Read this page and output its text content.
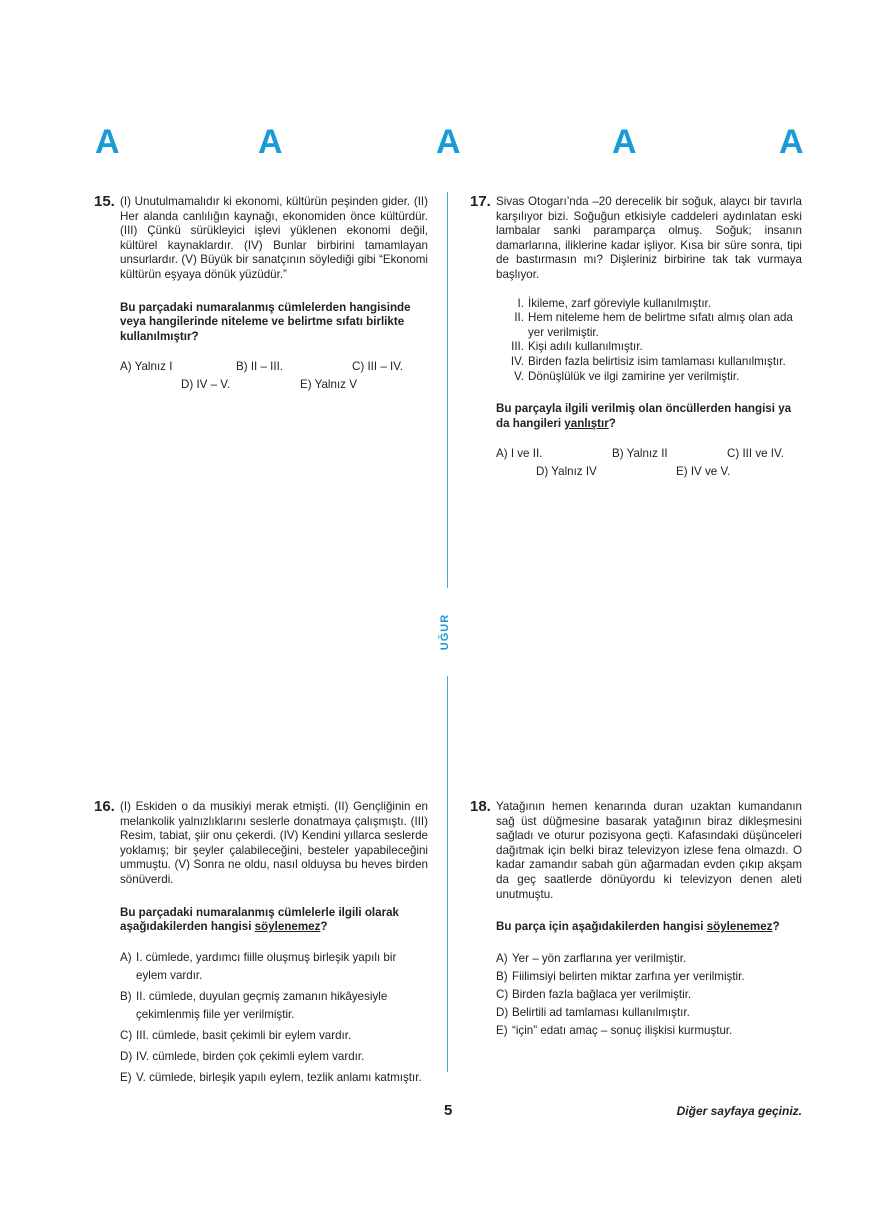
A	A	A	A	A
UĞUR
15. (I) Unutulmamalıdır ki ekonomi, kültürün peşinden gider. (II) Her alanda canlılığın kaynağı, ekonomiden önce kültürdür. (III) Çünkü sürükleyici işlevi yüklenen ekonomi değil, kültürel kaynaklardır. (IV) Bunlar birbirini tamamlayan unsurlardır. (V) Büyük bir sanatçının söylediği gibi “Ekonomi kültürün eşyaya dönük yüzüdür.”
Bu parçadaki numaralanmış cümlelerden hangisinde veya hangilerinde niteleme ve belirtme sıfatı birlikte kullanılmıştır?
A) Yalnız I	B) II – III.	C) III – IV.
D) IV – V.	E) Yalnız V
17. Sivas Otogarı’nda –20 derecelik bir soğuk, alaycı bir tavırla karşılıyor bizi. Soğuğun etkisiyle caddeleri aydınlatan eski lambalar sanki paramparça olmuş. Soğuk; insanın damarlarına, iliklerine kadar işliyor. Kısa bir süre sonra, tipi de bastırmasın mı? Dişleriniz birbirine tak tak vurmaya başlıyor.
I. İkileme, zarf göreviyle kullanılmıştır.
II. Hem niteleme hem de belirtme sıfatı almış olan ada yer verilmiştir.
III. Kişi adılı kullanılmıştır.
IV. Birden fazla belirtisiz isim tamlaması kullanılmıştır.
V. Dönüşlülük ve ilgi zamirine yer verilmiştir.
Bu parçayla ilgili verilmiş olan öncüllerden hangisi ya da hangileri yanlıştır?
A) I ve II.	B) Yalnız II	C) III ve IV.
D) Yalnız IV	E) IV ve V.
16. (I) Eskiden o da musikiyi merak etmişti. (II) Gençliğinin en melankolik yalnızlıklarını seslerle donatmaya çalışmıştı. (III) Resim, tabiat, şiir onu çekerdi. (IV) Kendini yıllarca seslerde yoklamış; bir şeyler çalabileceğini, besteler yapabileceğini ummuştu. (V) Sonra ne oldu, nasıl olduysa bu heves birden sönüverdi.
Bu parçadaki numaralanmış cümlelerle ilgili olarak aşağıdakilerden hangisi söylenemez?
A) I. cümlede, yardımcı fiille oluşmuş birleşik yapılı bir eylem vardır.
B) II. cümlede, duyulan geçmiş zamanın hikâyesiyle çekimlenmiş fiile yer verilmiştir.
C) III. cümlede, basit çekimli bir eylem vardır.
D) IV. cümlede, birden çok çekimli eylem vardır.
E) V. cümlede, birleşik yapılı eylem, tezlik anlamı katmıştır.
18. Yatağının hemen kenarında duran uzaktan kumandanın sağ üst düğmesine basarak yatağının biraz dikleşmesini sağladı ve oturur pozisyona geçti. Kafasındaki düşünceleri dağıtmak için belki biraz televizyon izlese fena olmazdı. O kadar zamandır sabah gün ağarmadan evden çıkıp akşam da geç saatlerde dönüyordu ki televizyon denen aleti unutmuştu.
Bu parça için aşağıdakilerden hangisi söylenemez?
A) Yer – yön zarflarına yer verilmiştir.
B) Fiilimsiyi belirten miktar zarfına yer verilmiştir.
C) Birden fazla bağlaca yer verilmiştir.
D) Belirtili ad tamlaması kullanılmıştır.
E) “için” edatı amaç – sonuç ilişkisi kurmuştur.
5	Diğer sayfaya geçiniz.
